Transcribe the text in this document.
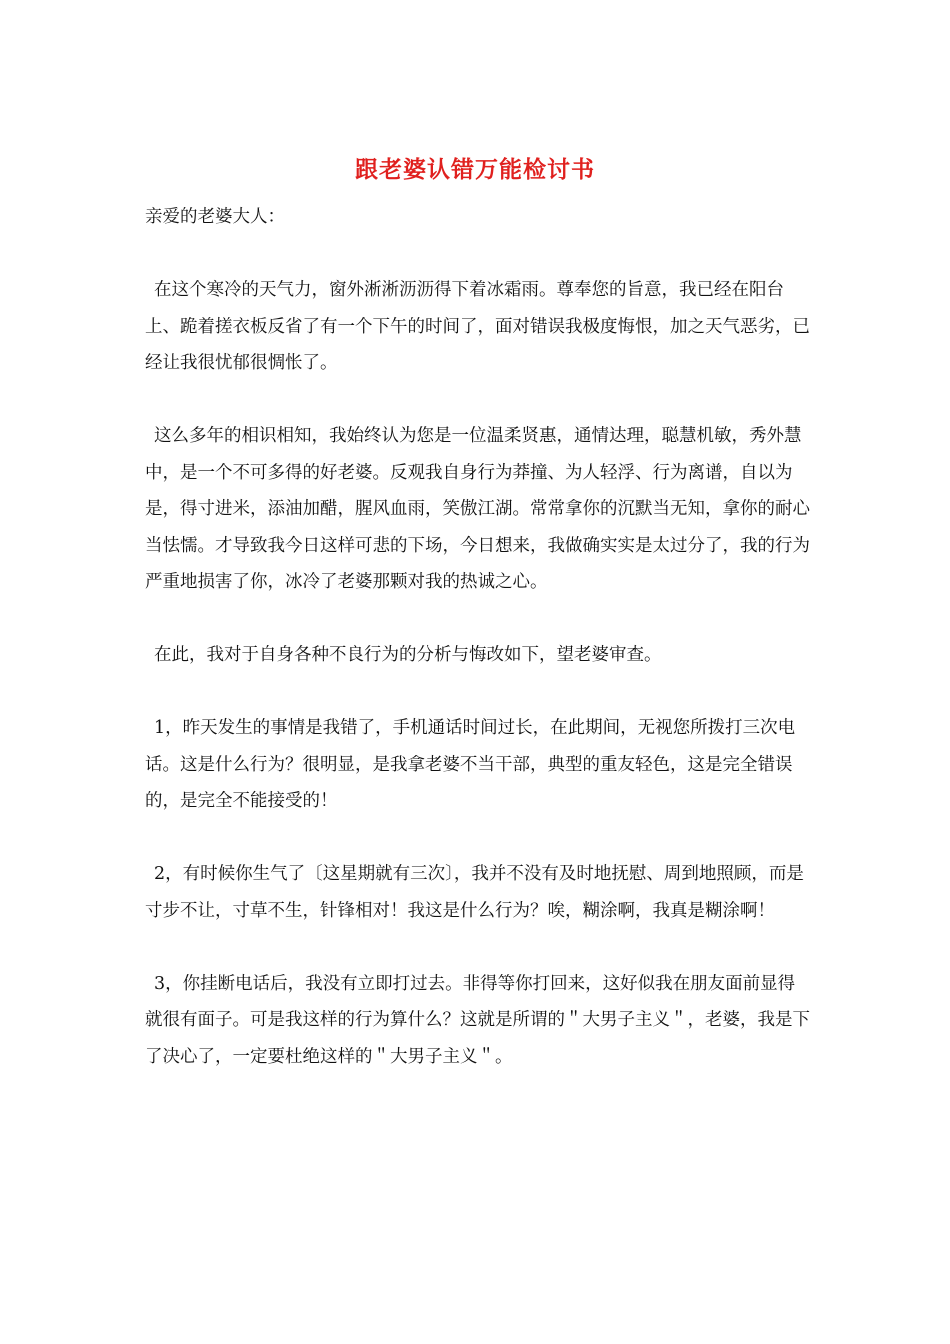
跟老婆认错万能检讨书

亲爱的老婆大人：

在这个寒冷的天气力，窗外淅淅沥沥得下着冰霜雨。尊奉您的旨意，我已经在阳台上、跪着搓衣板反省了有一个下午的时间了，面对错误我极度悔恨，加之天气恶劣，已经让我很忧郁很惆怅了。

这么多年的相识相知，我始终认为您是一位温柔贤惠，通情达理，聪慧机敏，秀外慧中，是一个不可多得的好老婆。反观我自身行为莽撞、为人轻浮、行为离谱，自以为是，得寸进米，添油加醋，腥风血雨，笑傲江湖。常常拿你的沉默当无知，拿你的耐心当怯懦。才导致我今日这样可悲的下场，今日想来，我做确实实是太过分了，我的行为严重地损害了你，冰冷了老婆那颗对我的热诚之心。

在此，我对于自身各种不良行为的分析与悔改如下，望老婆审查。

1，昨天发生的事情是我错了，手机通话时间过长，在此期间，无视您所拨打三次电话。这是什么行为？很明显，是我拿老婆不当干部，典型的重友轻色，这是完全错误的，是完全不能接受的！

2，有时候你生气了〔这星期就有三次〕，我并不没有及时地抚慰、周到地照顾，而是寸步不让，寸草不生，针锋相对！我这是什么行为？唉，糊涂啊，我真是糊涂啊！

3，你挂断电话后，我没有立即打过去。非得等你打回来，这好似我在朋友面前显得就很有面子。可是我这样的行为算什么？这就是所谓的＂大男子主义＂，老婆，我是下了决心了，一定要杜绝这样的＂大男子主义＂。
